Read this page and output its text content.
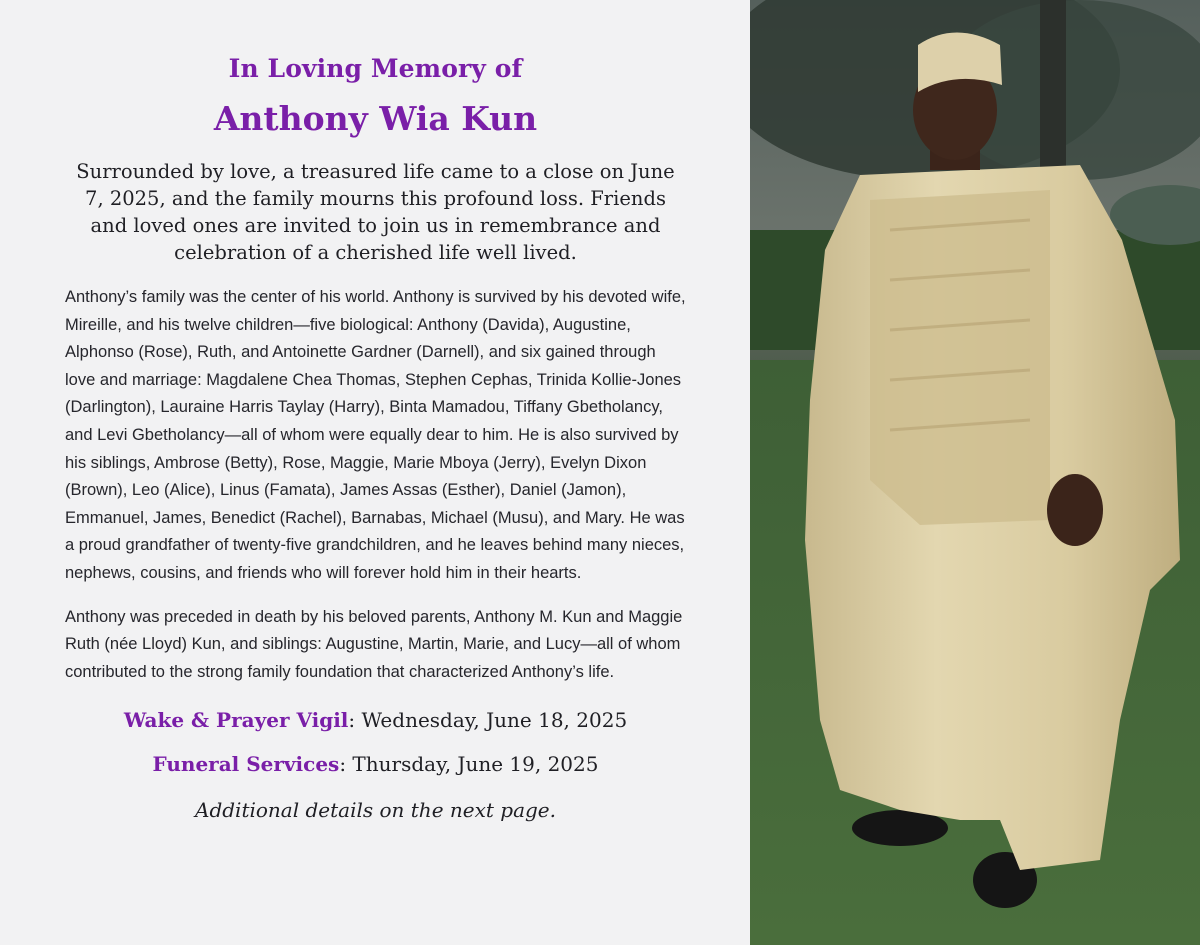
In Loving Memory of
Anthony Wia Kun

Surrounded by love, a treasured life came to a close on June 7, 2025, and the family mourns this profound loss. Friends and loved ones are invited to join us in remembrance and celebration of a cherished life well lived.

Anthony’s family was the center of his world. Anthony is survived by his devoted wife, Mireille, and his twelve children—five biological: Anthony (Davida), Augustine, Alphonso (Rose), Ruth, and Antoinette Gardner (Darnell), and six gained through love and marriage: Magdalene Chea Thomas, Stephen Cephas, Trinida Kollie-Jones (Darlington), Lauraine Harris Taylay (Harry), Binta Mamadou, Tiffany Gbetholancy, and Levi Gbetholancy—all of whom were equally dear to him. He is also survived by his siblings, Ambrose (Betty), Rose, Maggie, Marie Mboya (Jerry), Evelyn Dixon (Brown), Leo (Alice), Linus (Famata), James Assas (Esther), Daniel (Jamon), Emmanuel, James, Benedict (Rachel), Barnabas, Michael (Musu), and Mary. He was a proud grandfather of twenty-five grandchildren, and he leaves behind many nieces, nephews, cousins, and friends who will forever hold him in their hearts.

Anthony was preceded in death by his beloved parents, Anthony M. Kun and Maggie Ruth (née Lloyd) Kun, and siblings: Augustine, Martin, Marie, and Lucy—all of whom contributed to the strong family foundation that characterized Anthony’s life.

Wake & Prayer Vigil: Wednesday, June 18, 2025

Funeral Services: Thursday, June 19, 2025

Additional details on the next page.
